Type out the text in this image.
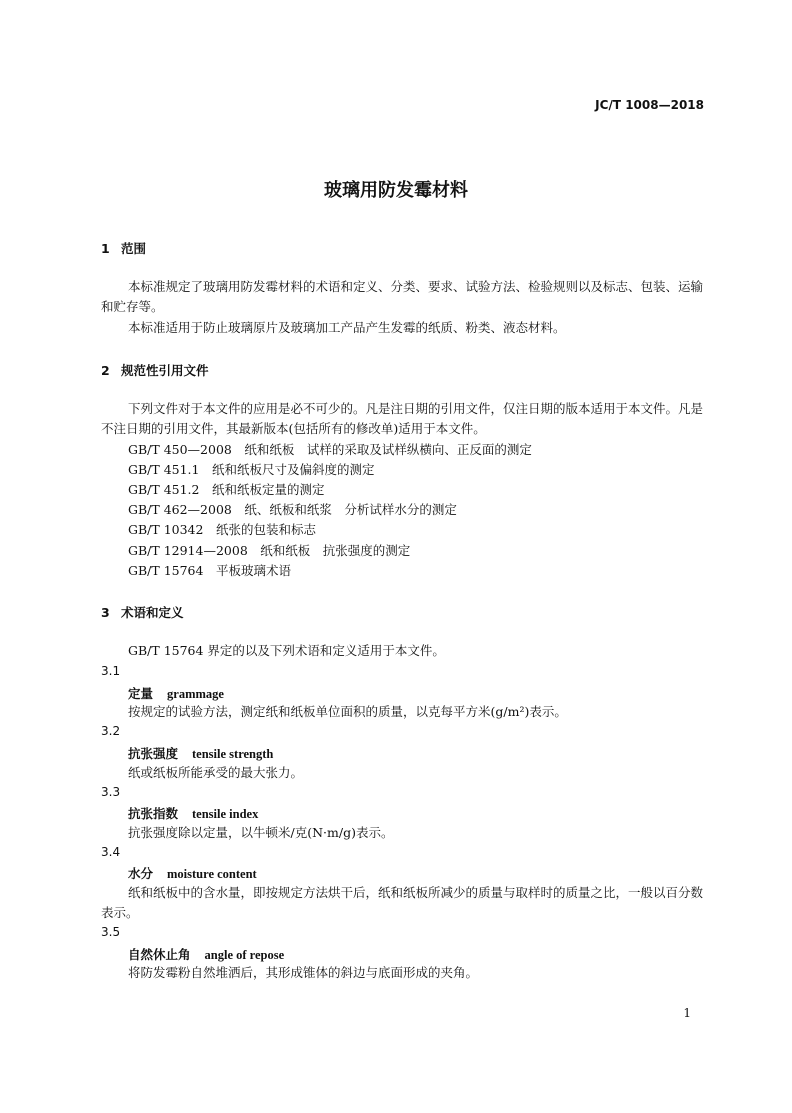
JC/T 1008—2018
玻璃用防发霉材料
1 范围
本标准规定了玻璃用防发霉材料的术语和定义、分类、要求、试验方法、检验规则以及标志、包装、运输和贮存等。
本标准适用于防止玻璃原片及玻璃加工产品产生发霉的纸质、粉类、液态材料。
2 规范性引用文件
下列文件对于本文件的应用是必不可少的。凡是注日期的引用文件，仅注日期的版本适用于本文件。凡是不注日期的引用文件，其最新版本(包括所有的修改单)适用于本文件。
GB/T 450—2008　纸和纸板　试样的采取及试样纵横向、正反面的测定
GB/T 451.1　纸和纸板尺寸及偏斜度的测定
GB/T 451.2　纸和纸板定量的测定
GB/T 462—2008　纸、纸板和纸浆　分析试样水分的测定
GB/T 10342　纸张的包装和标志
GB/T 12914—2008　纸和纸板　抗张强度的测定
GB/T 15764　平板玻璃术语
3 术语和定义
GB/T 15764 界定的以及下列术语和定义适用于本文件。
3.1
定量 grammage
按规定的试验方法，测定纸和纸板单位面积的质量，以克每平方米(g/m²)表示。
3.2
抗张强度 tensile strength
纸或纸板所能承受的最大张力。
3.3
抗张指数 tensile index
抗张强度除以定量，以牛顿米/克(N·m/g)表示。
3.4
水分 moisture content
纸和纸板中的含水量，即按规定方法烘干后，纸和纸板所减少的质量与取样时的质量之比，一般以百分数表示。
3.5
自然休止角 angle of repose
将防发霉粉自然堆洒后，其形成锥体的斜边与底面形成的夹角。
1
